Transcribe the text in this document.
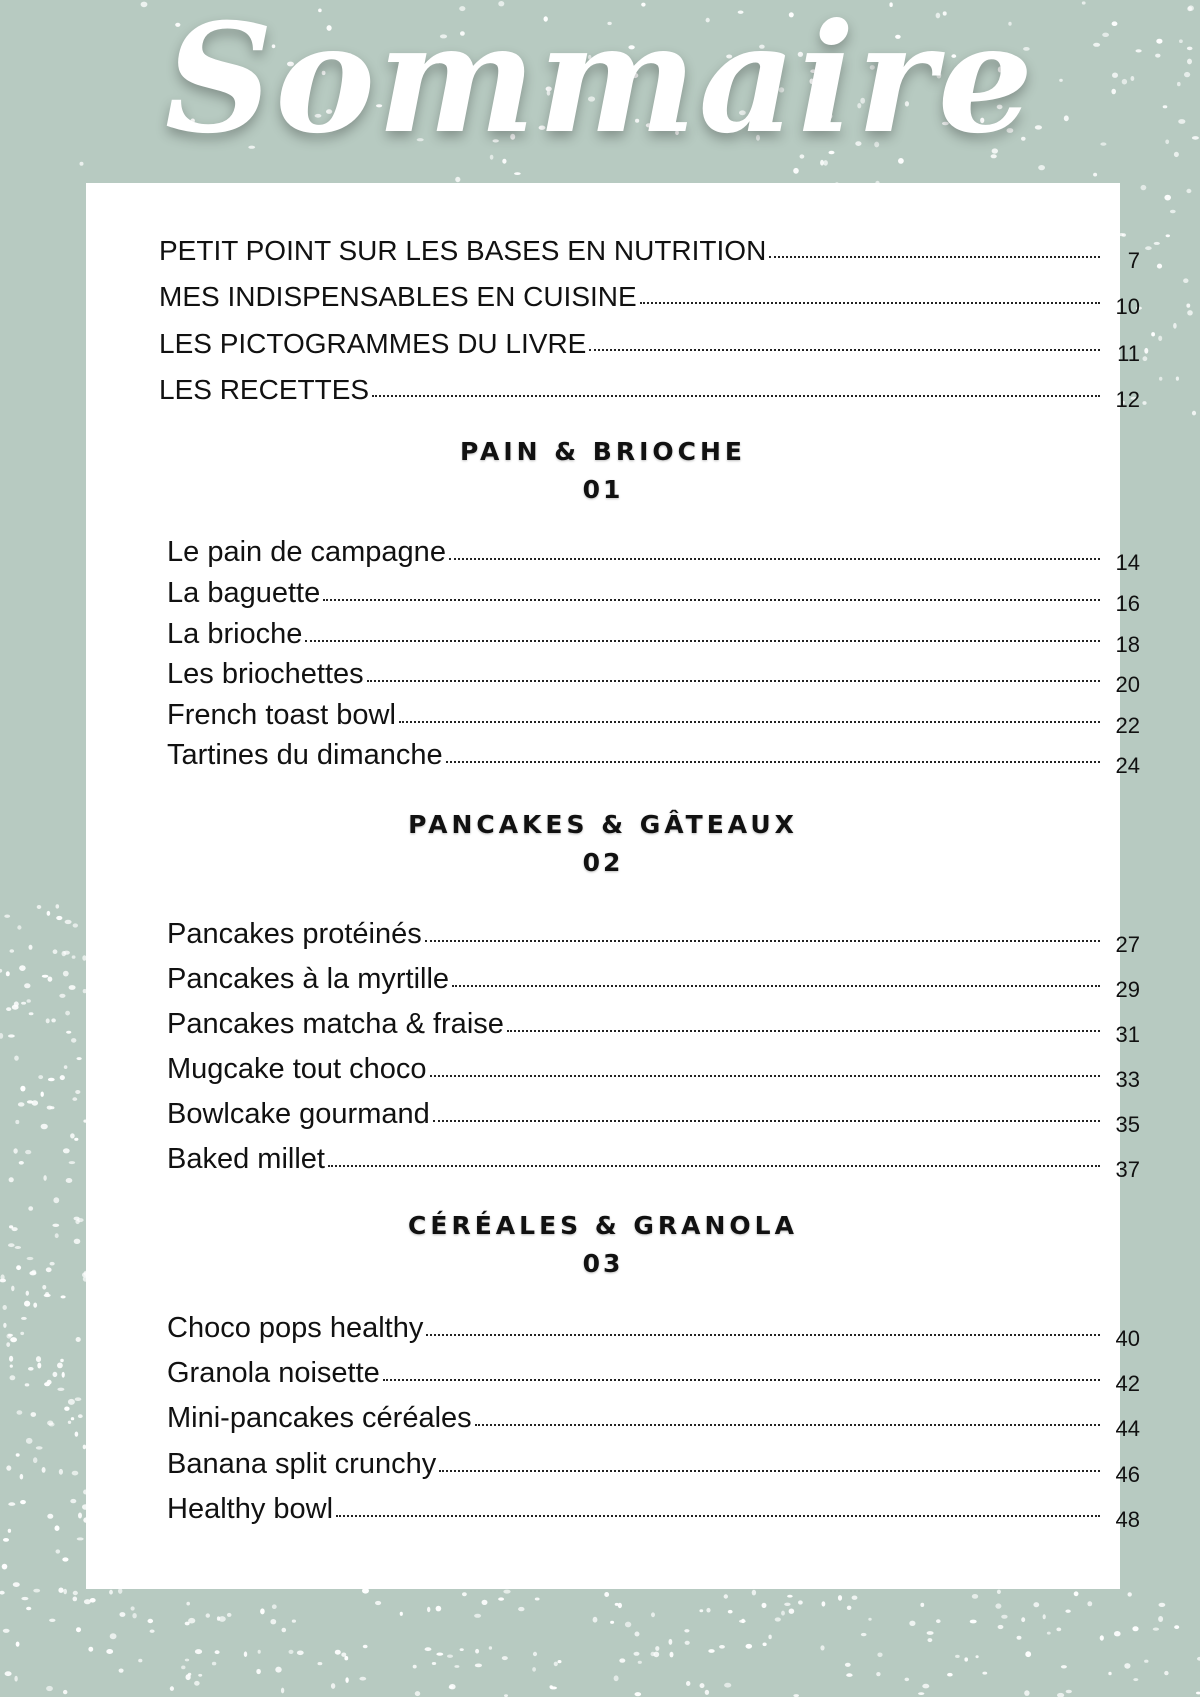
Sommaire
PETIT POINT SUR LES BASES EN NUTRITION	7
MES INDISPENSABLES EN CUISINE	10
LES PICTOGRAMMES DU LIVRE	11
LES RECETTES	12
PAIN & BRIOCHE
01
Le pain de campagne	14
La baguette	16
La brioche	18
Les briochettes	20
French toast bowl	22
Tartines du dimanche	24
PANCAKES & GÂTEAUX
02
Pancakes protéinés	27
Pancakes à la myrtille	29
Pancakes matcha & fraise	31
Mugcake tout choco	33
Bowlcake gourmand	35
Baked millet	37
CÉRÉALES & GRANOLA
03
Choco pops healthy	40
Granola noisette	42
Mini-pancakes céréales	44
Banana split crunchy	46
Healthy bowl	48
